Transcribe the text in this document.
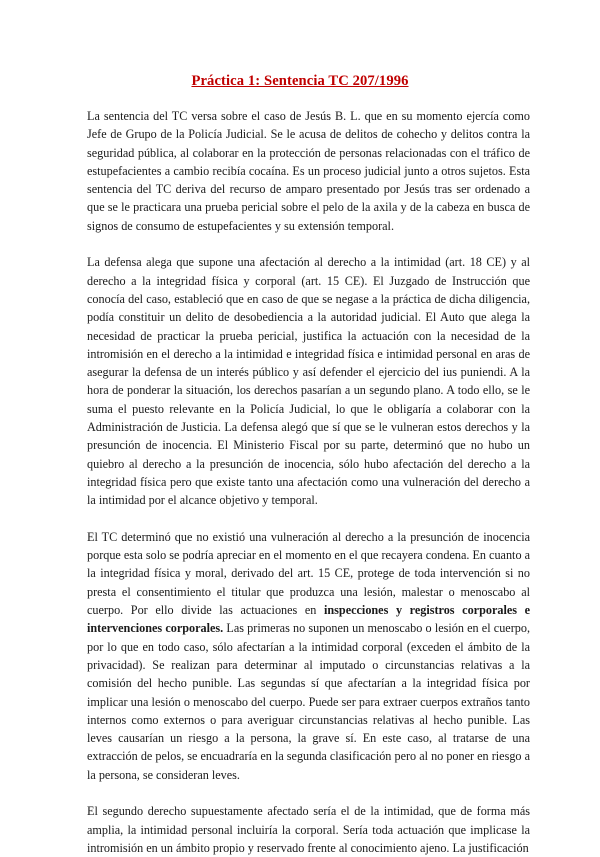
Práctica 1: Sentencia TC 207/1996

La sentencia del TC versa sobre el caso de Jesús B. L. que en su momento ejercía como Jefe de Grupo de la Policía Judicial. Se le acusa de delitos de cohecho y delitos contra la seguridad pública, al colaborar en la protección de personas relacionadas con el tráfico de estupefacientes a cambio recibía cocaína. Es un proceso judicial junto a otros sujetos. Esta sentencia del TC deriva del recurso de amparo presentado por Jesús tras ser ordenado a que se le practicara una prueba pericial sobre el pelo de la axila y de la cabeza en busca de signos de consumo de estupefacientes y su extensión temporal.

La defensa alega que supone una afectación al derecho a la intimidad (art. 18 CE) y al derecho a la integridad física y corporal (art. 15 CE). El Juzgado de Instrucción que conocía del caso, estableció que en caso de que se negase a la práctica de dicha diligencia, podía constituir un delito de desobediencia a la autoridad judicial. El Auto que alega la necesidad de practicar la prueba pericial, justifica la actuación con la necesidad de la intromisión en el derecho a la intimidad e integridad física e intimidad personal en aras de asegurar la defensa de un interés público y así defender el ejercicio del ius puniendi. A la hora de ponderar la situación, los derechos pasarían a un segundo plano. A todo ello, se le suma el puesto relevante en la Policía Judicial, lo que le obligaría a colaborar con la Administración de Justicia. La defensa alegó que sí que se le vulneran estos derechos y la presunción de inocencia. El Ministerio Fiscal por su parte, determinó que no hubo un quiebro al derecho a la presunción de inocencia, sólo hubo afectación del derecho a la integridad física pero que existe tanto una afectación como una vulneración del derecho a la intimidad por el alcance objetivo y temporal.

El TC determinó que no existió una vulneración al derecho a la presunción de inocencia porque esta solo se podría apreciar en el momento en el que recayera condena. En cuanto a la integridad física y moral, derivado del art. 15 CE, protege de toda intervención si no presta el consentimiento el titular que produzca una lesión, malestar o menoscabo al cuerpo. Por ello divide las actuaciones en inspecciones y registros corporales e intervenciones corporales. Las primeras no suponen un menoscabo o lesión en el cuerpo, por lo que en todo caso, sólo afectarían a la intimidad corporal (exceden el ámbito de la privacidad). Se realizan para determinar al imputado o circunstancias relativas a la comisión del hecho punible. Las segundas sí que afectarían a la integridad física por implicar una lesión o menoscabo del cuerpo. Puede ser para extraer cuerpos extraños tanto internos como externos o para averiguar circunstancias relativas al hecho punible. Las leves causarían un riesgo a la persona, la grave sí. En este caso, al tratarse de una extracción de pelos, se encuadraría en la segunda clasificación pero al no poner en riesgo a la persona, se consideran leves.

El segundo derecho supuestamente afectado sería el de la intimidad, que de forma más amplia, la intimidad personal incluiría la corporal. Sería toda actuación que implicase la intromisión en un ámbito propio y reservado frente al conocimiento ajeno. La justificación
